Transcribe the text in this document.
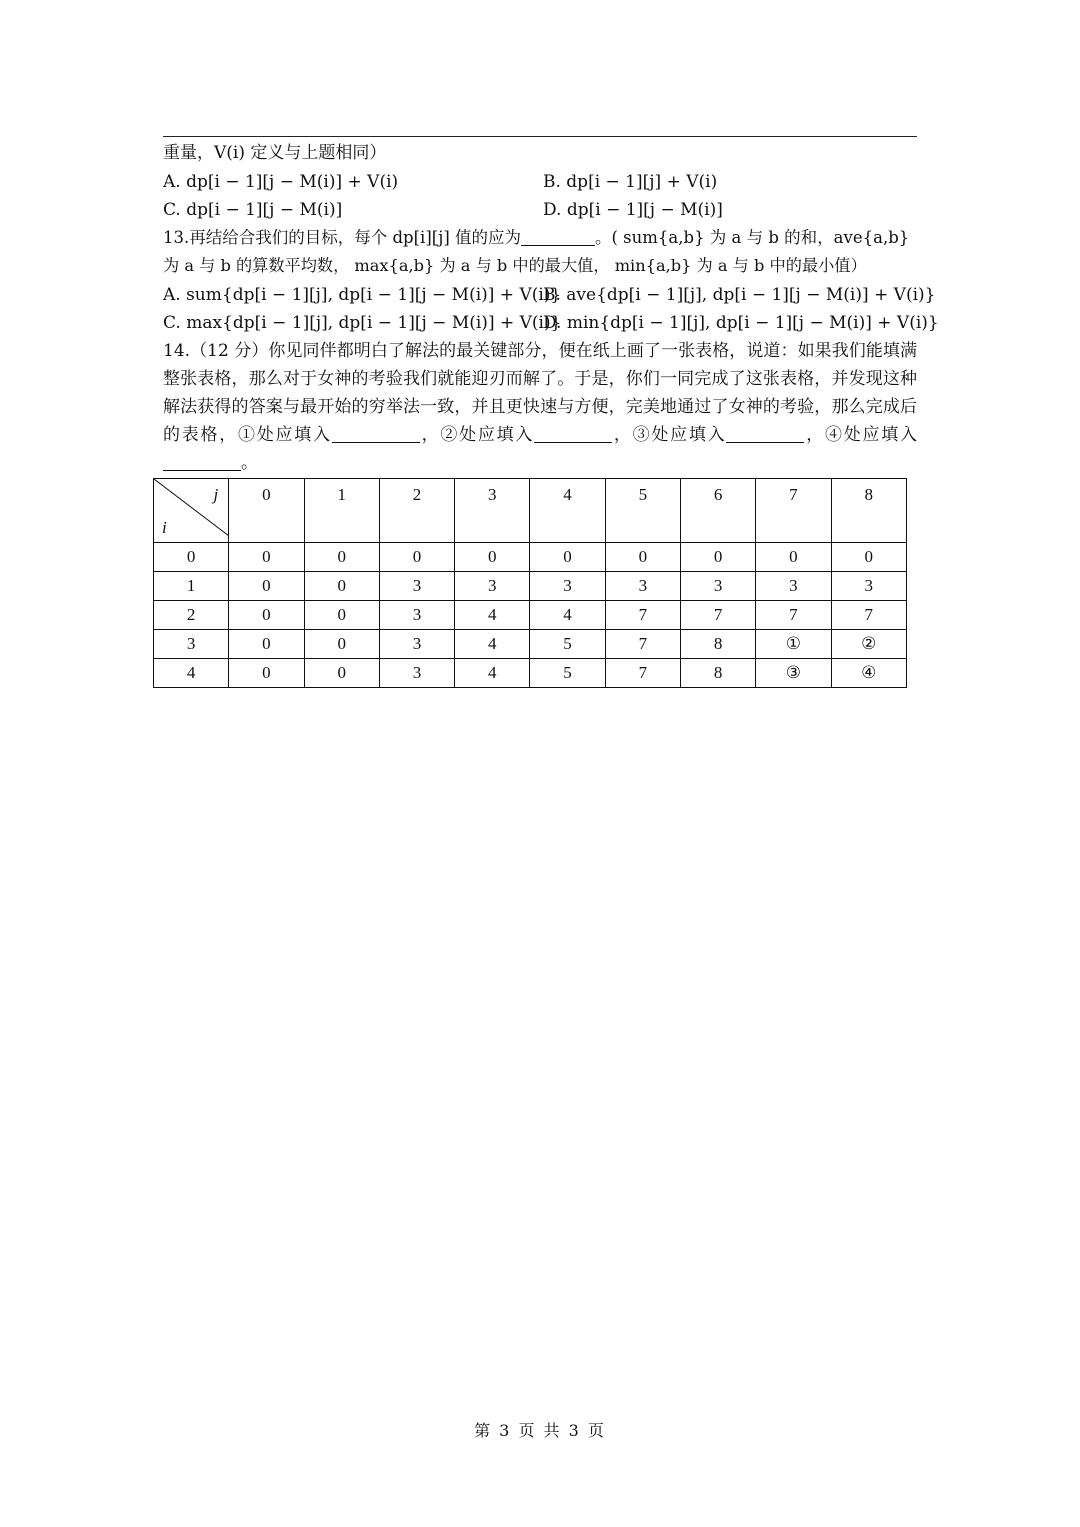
重量，V(i) 定义与上题相同）
A. dp[i − 1][j − M(i)] + V(i)	B. dp[i − 1][j] + V(i)
C. dp[i − 1][j − M(i)]	D. dp[i − 1][j − M(i)]
13.再结给合我们的目标，每个 dp[i][j] 值的应为	。( sum{a,b} 为 a 与 b 的和，ave{a,b}
为 a 与 b 的算数平均数， max{a,b} 为 a 与 b 中的最大值， min{a,b} 为 a 与 b 中的最小值）
A. sum{dp[i − 1][j], dp[i − 1][j − M(i)] + V(i)}
B. ave{dp[i − 1][j], dp[i − 1][j − M(i)] + V(i)}
C. max{dp[i − 1][j], dp[i − 1][j − M(i)] + V(i)}
D. min{dp[i − 1][j], dp[i − 1][j − M(i)] + V(i)}
14.（12 分）你见同伴都明白了解法的最关键部分，便在纸上画了一张表格，说道：如果我们能填满整张表格，那么对于女神的考验我们就能迎刃而解了。于是，你们一同完成了这张表格，并发现这种解法获得的答案与最开始的穷举法一致，并且更快速与方便，完美地通过了女神的考验，那么完成后的表格，①处应填入	，②处应填入	，③处应填入	，④处应填入。
j
i	0	1	2	3	4	5	6	7	8
0	0	0	0	0	0	0	0	0	0
1	0	0	3	3	3	3	3	3	3
2	0	0	3	4	4	7	7	7	7
3	0	0	3	4	5	7	8	①	②
4	0	0	3	4	5	7	8	③	④
第 3 页 共 3 页
